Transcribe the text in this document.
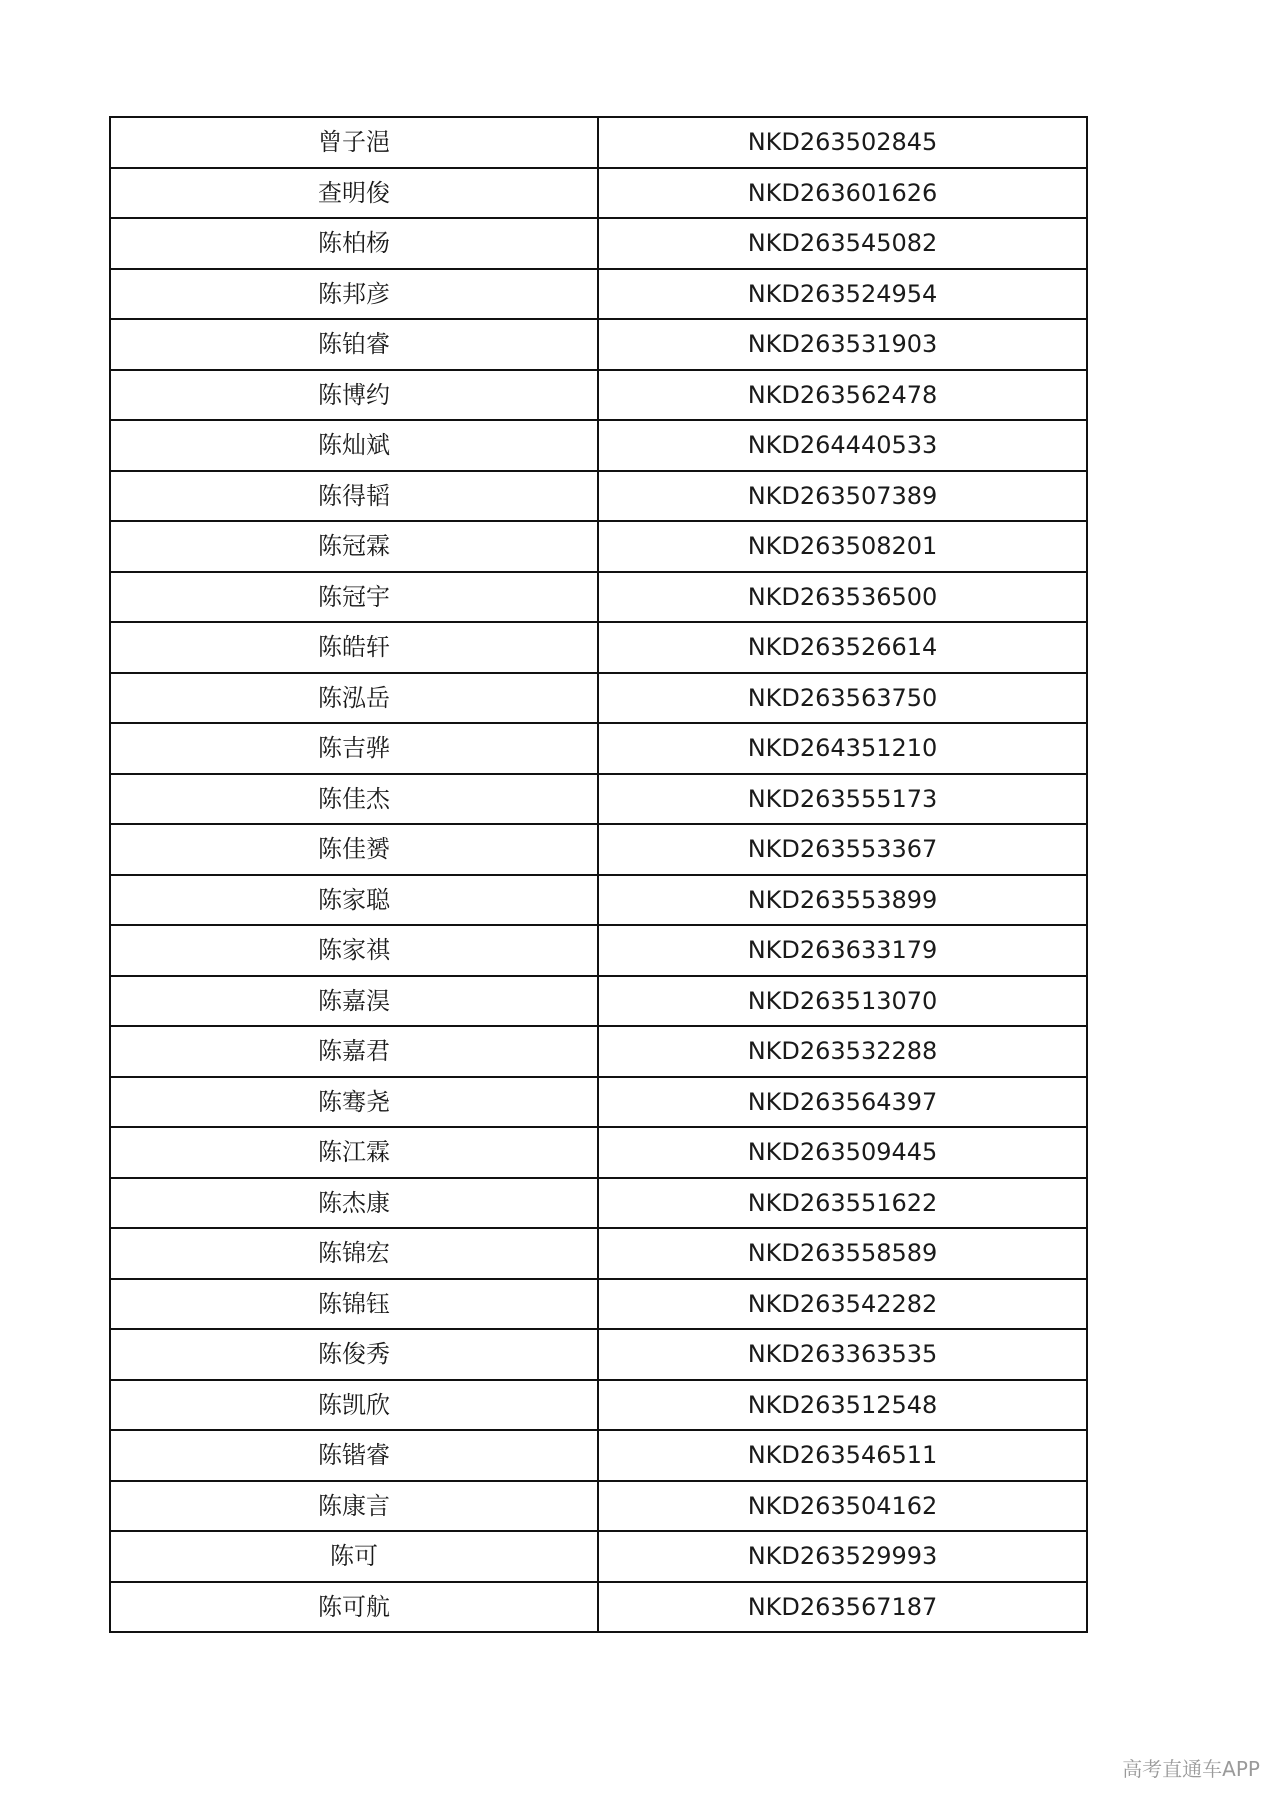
曾子浥	NKD263502845
查明俊	NKD263601626
陈柏杨	NKD263545082
陈邦彦	NKD263524954
陈铂睿	NKD263531903
陈博约	NKD263562478
陈灿斌	NKD264440533
陈得韬	NKD263507389
陈冠霖	NKD263508201
陈冠宇	NKD263536500
陈皓轩	NKD263526614
陈泓岳	NKD263563750
陈吉骅	NKD264351210
陈佳杰	NKD263555173
陈佳赟	NKD263553367
陈家聪	NKD263553899
陈家祺	NKD263633179
陈嘉淏	NKD263513070
陈嘉君	NKD263532288
陈骞尧	NKD263564397
陈江霖	NKD263509445
陈杰康	NKD263551622
陈锦宏	NKD263558589
陈锦钰	NKD263542282
陈俊秀	NKD263363535
陈凯欣	NKD263512548
陈锴睿	NKD263546511
陈康言	NKD263504162
陈可	NKD263529993
陈可航	NKD263567187
高考直通车APP
